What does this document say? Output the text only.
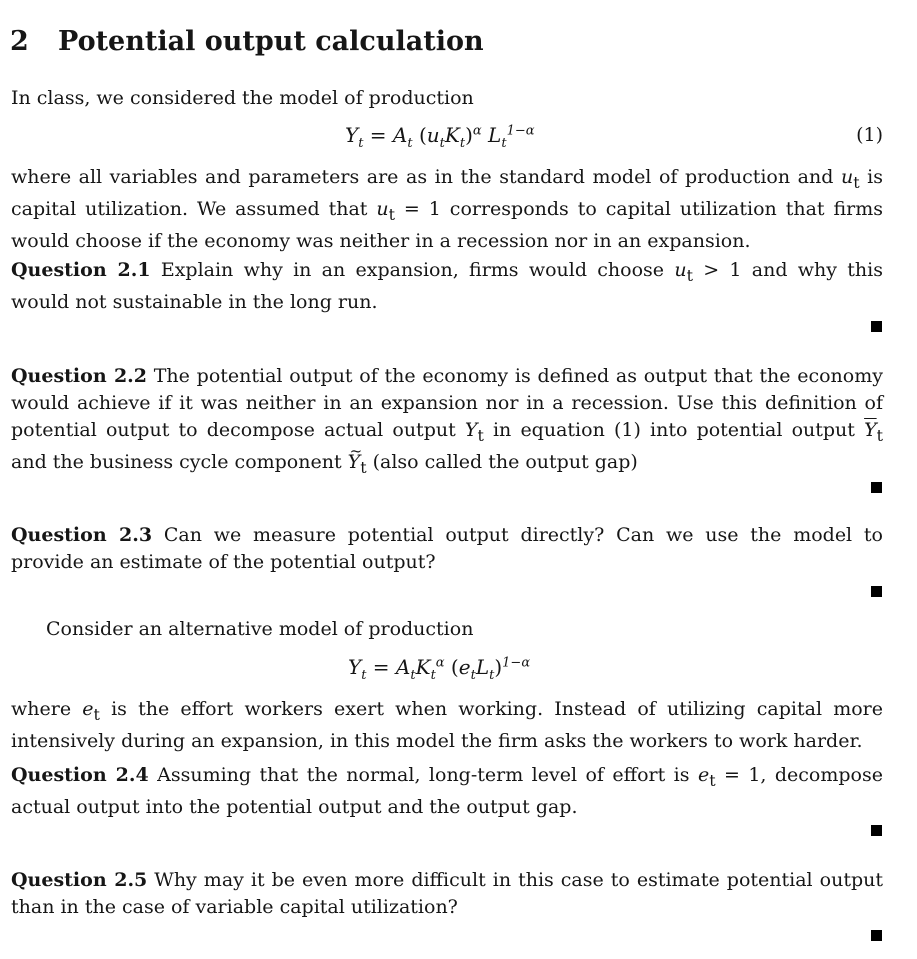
2 Potential output calculation
In class, we considered the model of production
$Y_t = A_t$ $(u_tK_t)^\alpha$ $L_t^{1-\alpha}$	(1)
where all variables and parameters are as in the standard model of production and $u_t$ is capital utilization. We assumed that $u_t = 1$ corresponds to capital utilization that firms would choose if the economy was neither in a recession nor in an expansion.
Question 2.1 Explain why in an expansion, firms would choose $u_t > 1$ and why this would not sustainable in the long run.
Question 2.2 The potential output of the economy is defined as output that the economy would achieve if it was neither in an expansion nor in a recession. Use this definition of potential output to decompose actual output $Y_t$ in equation (1) into potential output $\overline{Y}_t$ and the business cycle component ~ $Y_t$ (also called the output gap)
Question 2.3 Can we measure potential output directly? Can we use the model to provide an estimate of the potential output?
Consider an alternative model of production
$Y_t = A_tK_t^\alpha$ $(e_tL_t)^{1-\alpha}$
where $e_t$ is the effort workers exert when working. Instead of utilizing capital more intensively during an expansion, in this model the firm asks the workers to work harder.
Question 2.4 Assuming that the normal, long-term level of effort is $e_t = 1$, decompose actual output into the potential output and the output gap.
Question 2.5 Why may it be even more difficult in this case to estimate potential output than in the case of variable capital utilization?
